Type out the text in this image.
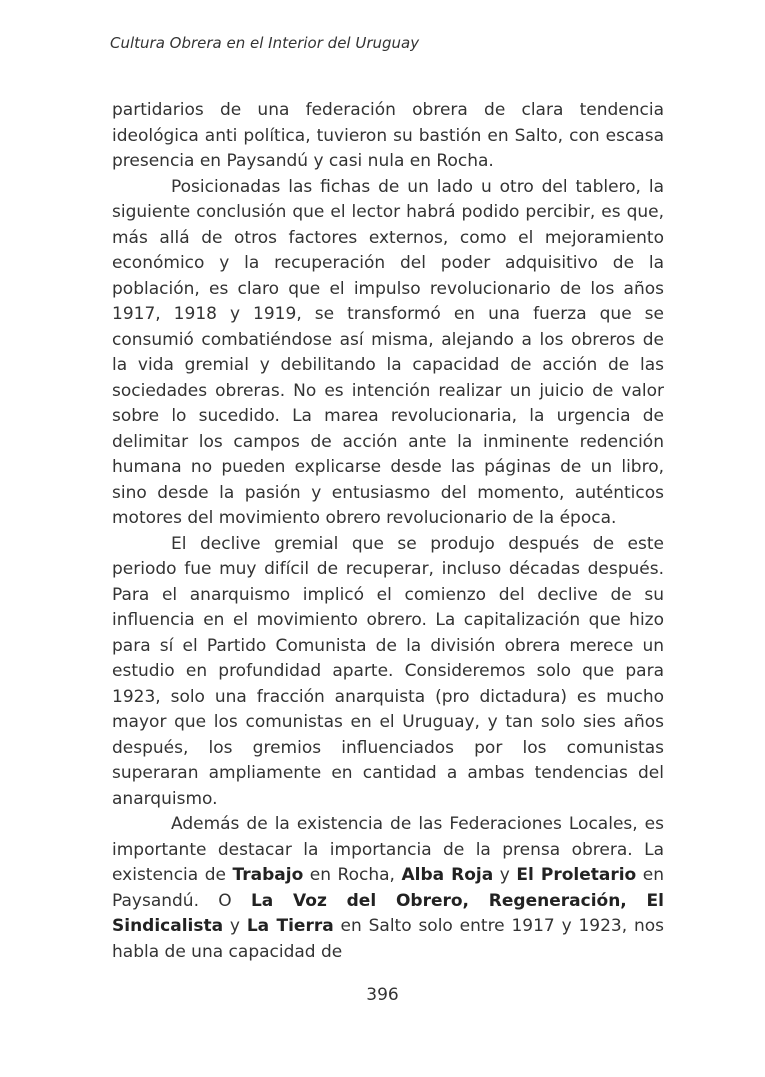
Cultura Obrera en el Interior del Uruguay

partidarios de una federación obrera de clara tendencia ideológica anti política, tuvieron su bastión en Salto, con escasa presencia en Paysandú y casi nula en Rocha.

Posicionadas las fichas de un lado u otro del tablero, la siguiente conclusión que el lector habrá podido percibir, es que, más allá de otros factores externos, como el mejoramiento económico y la recuperación del poder adquisitivo de la población, es claro que el impulso revolucionario de los años 1917, 1918 y 1919, se transformó en una fuerza que se consumió combatiéndose así misma, alejando a los obreros de la vida gremial y debilitando la capacidad de acción de las sociedades obreras. No es intención realizar un juicio de valor sobre lo sucedido. La marea revolucionaria, la urgencia de delimitar los campos de acción ante la inminente redención humana no pueden explicarse desde las páginas de un libro, sino desde la pasión y entusiasmo del momento, auténticos motores del movimiento obrero revolucionario de la época.

El declive gremial que se produjo después de este periodo fue muy difícil de recuperar, incluso décadas después. Para el anarquismo implicó el comienzo del declive de su influencia en el movimiento obrero. La capitalización que hizo para sí el Partido Comunista de la división obrera merece un estudio en profundidad aparte. Consideremos solo que para 1923, solo una fracción anarquista (pro dictadura) es mucho mayor que los comunistas en el Uruguay, y tan solo sies años después, los gremios influenciados por los comunistas superaran ampliamente en cantidad a ambas tendencias del anarquismo.

Además de la existencia de las Federaciones Locales, es importante destacar la importancia de la prensa obrera. La existencia de Trabajo en Rocha, Alba Roja y El Proletario en Paysandú. O La Voz del Obrero, Regeneración, El Sindicalista y La Tierra en Salto solo entre 1917 y 1923, nos habla de una capacidad de

396
